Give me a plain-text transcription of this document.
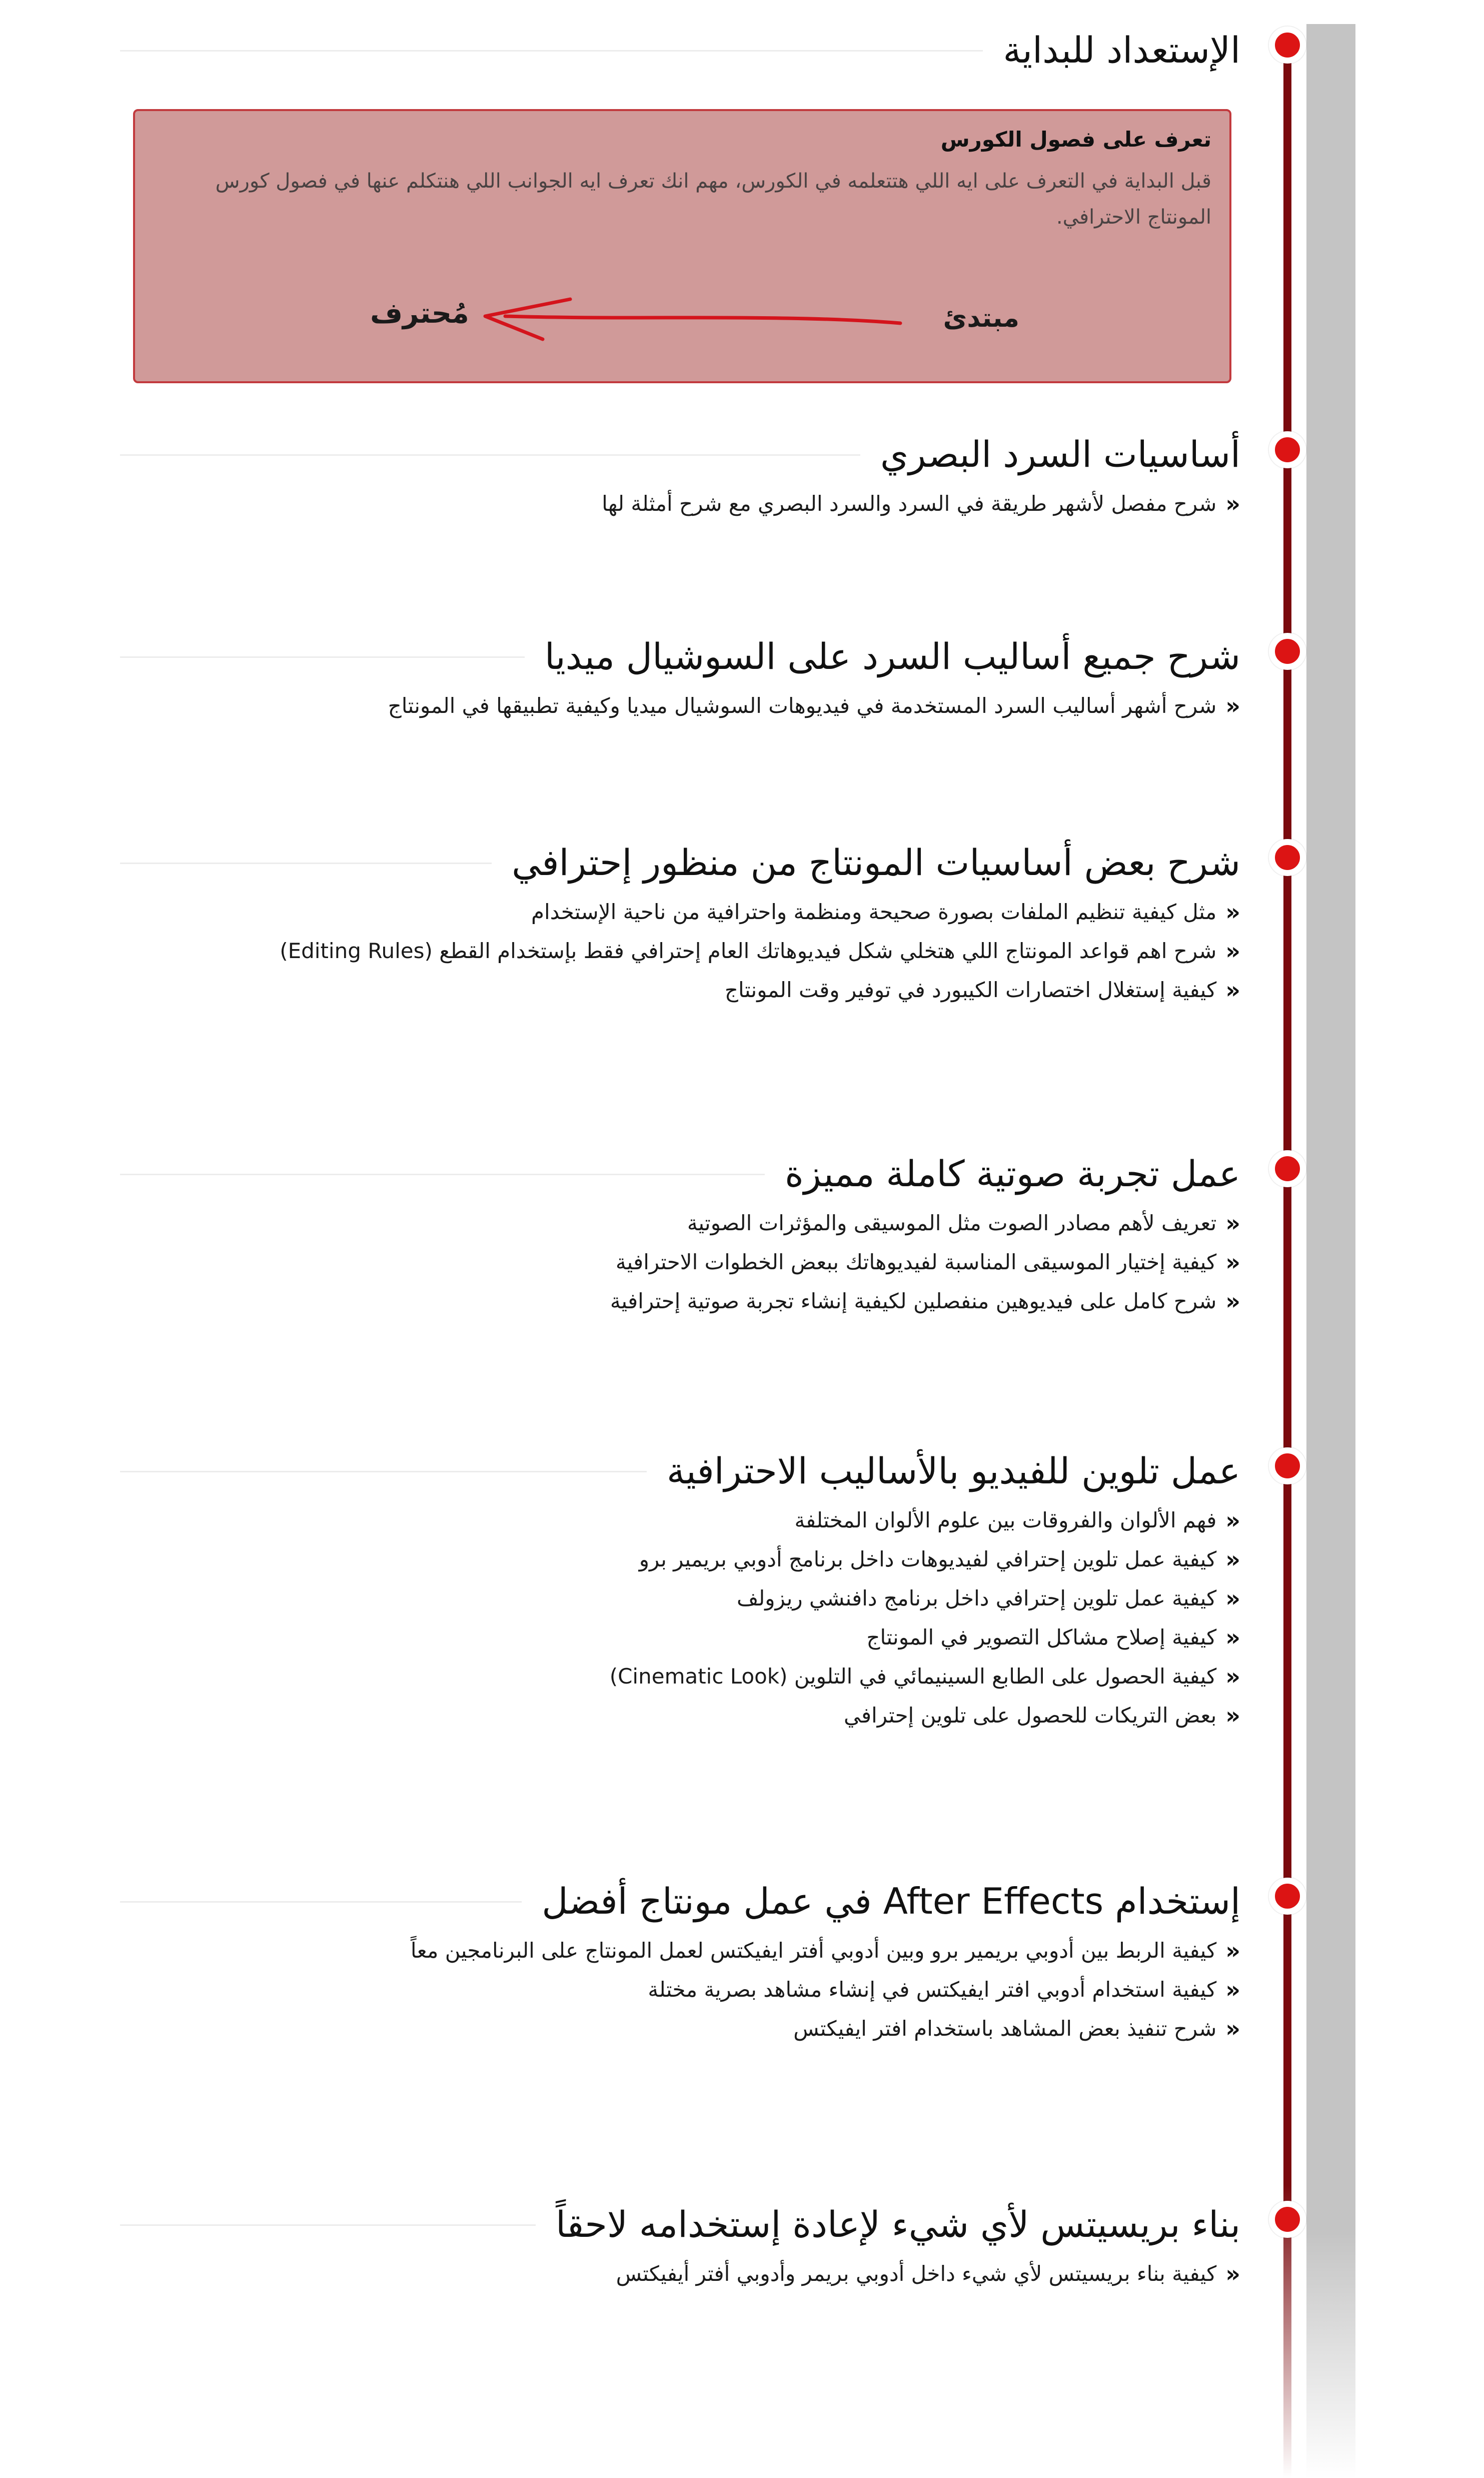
الإستعداد للبداية
تعرف على فصول الكورس

قبل البداية في التعرف على ايه اللي هتتعلمه في الكورس، مهم انك تعرف ايه الجوانب اللي هنتكلم عنها في فصول كورس المونتاج الاحترافي.

مبتدئ
مُحترف
أساسيات السرد البصري
«
شرح مفصل لأشهر طريقة في السرد والسرد البصري مع شرح أمثلة لها
شرح جميع أساليب السرد على السوشيال ميديا
«
شرح أشهر أساليب السرد المستخدمة في فيديوهات السوشيال ميديا وكيفية تطبيقها في المونتاج
شرح بعض أساسيات المونتاج من منظور إحترافي
«
مثل كيفية تنظيم الملفات بصورة صحيحة ومنظمة واحترافية من ناحية الإستخدام
«
شرح اهم قواعد المونتاج اللي هتخلي شكل فيديوهاتك العام إحترافي فقط بإستخدام القطع (Editing Rules)
«
كيفية إستغلال اختصارات الكيبورد في توفير وقت المونتاج
عمل تجربة صوتية كاملة مميزة
«
تعريف لأهم مصادر الصوت مثل الموسيقى والمؤثرات الصوتية
«
كيفية إختيار الموسيقى المناسبة لفيديوهاتك ببعض الخطوات الاحترافية
«
شرح كامل على فيديوهين منفصلين لكيفية إنشاء تجربة صوتية إحترافية
عمل تلوين للفيديو بالأساليب الاحترافية
«
فهم الألوان والفروقات بين علوم الألوان المختلفة
«
كيفية عمل تلوين إحترافي لفيديوهات داخل برنامج أدوبي بريمير برو
«
كيفية عمل تلوين إحترافي داخل برنامج دافنشي ريزولف
«
كيفية إصلاح مشاكل التصوير في المونتاج
«
كيفية الحصول على الطابع السينيمائي في التلوين (Cinematic Look)
«
بعض التريكات للحصول على تلوين إحترافي
إستخدام After Effects في عمل مونتاج أفضل
«
كيفية الربط بين أدوبي بريمير برو وبين أدوبي أفتر ايفيكتس لعمل المونتاج على البرنامجين معاً
«
كيفية استخدام أدوبي افتر ايفيكتس في إنشاء مشاهد بصرية مختلة
«
شرح تنفيذ بعض المشاهد باستخدام افتر ايفيكتس
بناء بريسيتس لأي شيء لإعادة إستخدامه لاحقاً
«
كيفية بناء بريسيتس لأي شيء داخل أدوبي بريمر وأدوبي أفتر أيفيكتس
